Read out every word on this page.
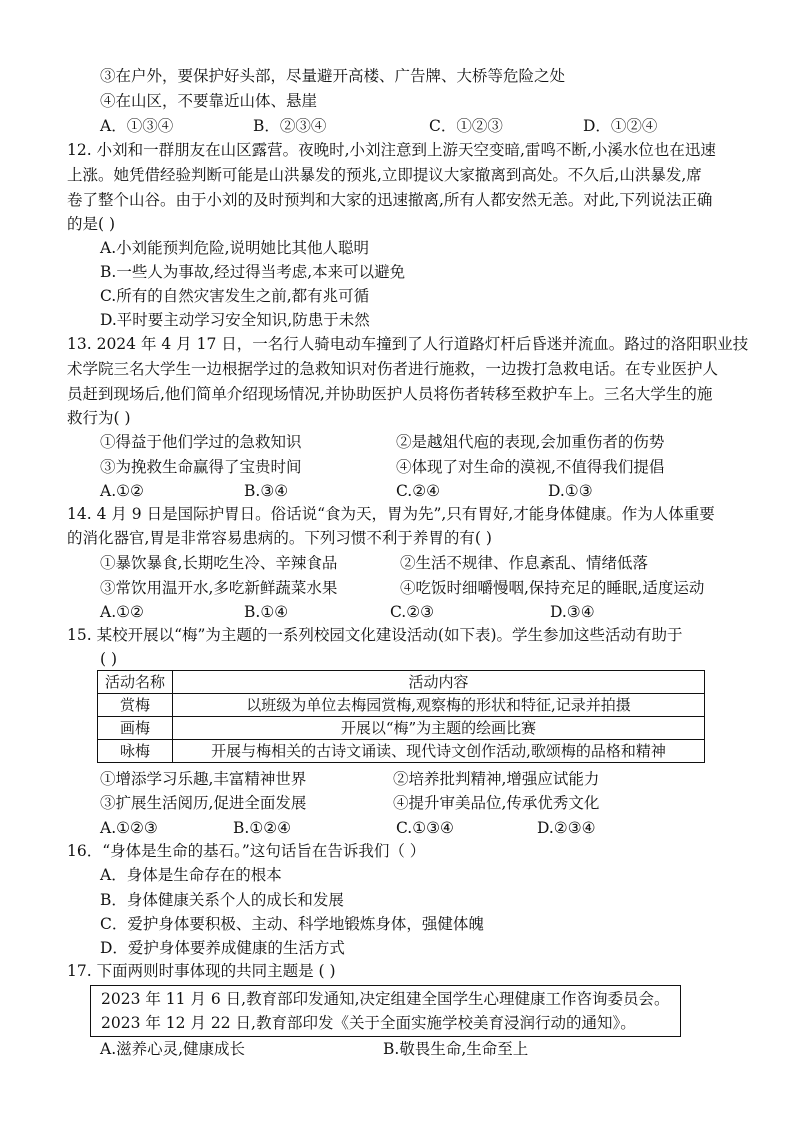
③在户外，要保护好头部，尽量避开高楼、广告牌、大桥等危险之处
④在山区，不要靠近山体、悬崖
A．①③④	B．②③④	C．①②③	D．①②④
12. 小刘和一群朋友在山区露营。夜晚时,小刘注意到上游天空变暗,雷鸣不断,小溪水位也在迅速
上涨。她凭借经验判断可能是山洪暴发的预兆,立即提议大家撤离到高处。不久后,山洪暴发,席
卷了整个山谷。由于小刘的及时预判和大家的迅速撤离,所有人都安然无恙。对此,下列说法正确
的是( )
A.小刘能预判危险,说明她比其他人聪明
B.一些人为事故,经过得当考虑,本来可以避免
C.所有的自然灾害发生之前,都有兆可循
D.平时要主动学习安全知识,防患于未然
13. 2024 年 4 月 17 日，一名行人骑电动车撞到了人行道路灯杆后昏迷并流血。路过的洛阳职业技
术学院三名大学生一边根据学过的急救知识对伤者进行施救，一边拨打急救电话。在专业医护人
员赶到现场后,他们简单介绍现场情况,并协助医护人员将伤者转移至救护车上。三名大学生的施
救行为( )
①得益于他们学过的急救知识	②是越俎代庖的表现,会加重伤者的伤势
③为挽救生命赢得了宝贵时间	④体现了对生命的漠视,不值得我们提倡
A.①②	B.③④	C.②④	D.①③
14. 4 月 9 日是国际护胃日。俗话说“食为天，胃为先”,只有胃好,才能身体健康。作为人体重要
的消化器官,胃是非常容易患病的。下列习惯不利于养胃的有( )
①暴饮暴食,长期吃生冷、辛辣食品	②生活不规律、作息紊乱、情绪低落
③常饮用温开水,多吃新鲜蔬菜水果	④吃饭时细嚼慢咽,保持充足的睡眠,适度运动
A.①②	B.①④	C.②③	D.③④
15. 某校开展以“梅”为主题的一系列校园文化建设活动(如下表)。学生参加这些活动有助于
( )
活动名称	活动内容
赏梅	以班级为单位去梅园赏梅,观察梅的形状和特征,记录并拍摄
画梅	开展以“梅”为主题的绘画比赛
咏梅	开展与梅相关的古诗文诵读、现代诗文创作活动,歌颂梅的品格和精神
①增添学习乐趣,丰富精神世界	②培养批判精神,增强应试能力
③扩展生活阅历,促进全面发展	④提升审美品位,传承优秀文化
A.①②③	B.①②④	C.①③④	D.②③④
16．“身体是生命的基石。”这句话旨在告诉我们（ ）
A．身体是生命存在的根本
B．身体健康关系个人的成长和发展
C．爱护身体要积极、主动、科学地锻炼身体，强健体魄
D．爱护身体要养成健康的生活方式
17. 下面两则时事体现的共同主题是 ( )
2023 年 11 月 6 日,教育部印发通知,决定组建全国学生心理健康工作咨询委员会。
2023 年 12 月 22 日,教育部印发《关于全面实施学校美育浸润行动的通知》。
A.滋养心灵,健康成长	B.敬畏生命,生命至上
